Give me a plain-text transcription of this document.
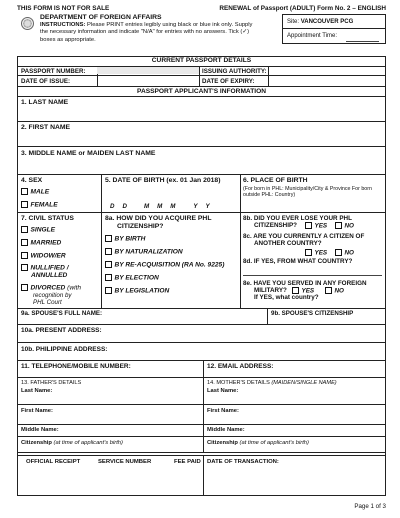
THIS FORM IS NOT FOR SALE	RENEWAL of Passport (ADULT) Form No. 2 – ENGLISH
DEPARTMENT OF FOREIGN AFFAIRS
INSTRUCTIONS: Please PRINT entries legibly using black or blue ink only. Supply
the necessary information and indicate "N/A" for entries with no answers. Tick (✓)
boxes as appropriate.
Site: VANCOUVER PCG
Appointment Time:
CURRENT PASSPORT DETAILS
PASSPORT NUMBER:	ISSUING AUTHORITY:
DATE OF ISSUE:	DATE OF EXPIRY:
PASSPORT APPLICANT'S INFORMATION
1. LAST NAME
2. FIRST NAME
3. MIDDLE NAME or MAIDEN LAST NAME
4. SEX
MALE
FEMALE
5. DATE OF BIRTH (ex. 01 Jan 2018)
D D	M M M	Y Y
6. PLACE OF BIRTH
(For born in PHL: Municipality/City & Province For born
outside PHL: Country)
7. CIVIL STATUS
SINGLE
MARRIED
WIDOW/ER
NULLIFIED /
ANNULLED
DIVORCED (with
recognition by
PHL Court
8a. HOW DID YOU ACQUIRE PHL
CITIZENSHIP?
BY BIRTH
BY NATURALIZATION
BY RE-ACQUISITION (RA No. 9225)
BY ELECTION
BY LEGISLATION
8b. DID YOU EVER LOSE YOUR PHL
CITIZENSHIP?	YES	NO
8c. ARE YOU CURRENTLY A CITIZEN OF
ANOTHER COUNTRY?
YES	NO
8d. IF YES, FROM WHAT COUNTRY?
8e. HAVE YOU SERVED IN ANY FOREIGN
MILITARY?	YES	NO
If YES, what country?
9a. SPOUSE'S FULL NAME:	9b. SPOUSE'S CITIZENSHIP
10a. PRESENT ADDRESS:
10b. PHILIPPINE ADDRESS:
11. TELEPHONE/MOBILE NUMBER:	12. EMAIL ADDRESS:
13. FATHER'S DETAILS
Last Name:
First Name:
Middle Name:
Citizenship (at time of applicant's birth)
14. MOTHER'S DETAILS (MAIDEN/SINGLE NAME)
Last Name:
First Name:
Middle Name:
Citizenship (at time of applicant's birth)
OFFICIAL RECEIPT	SERVICE NUMBER	FEE PAID DATE OF TRANSACTION:
Page 1 of 3
